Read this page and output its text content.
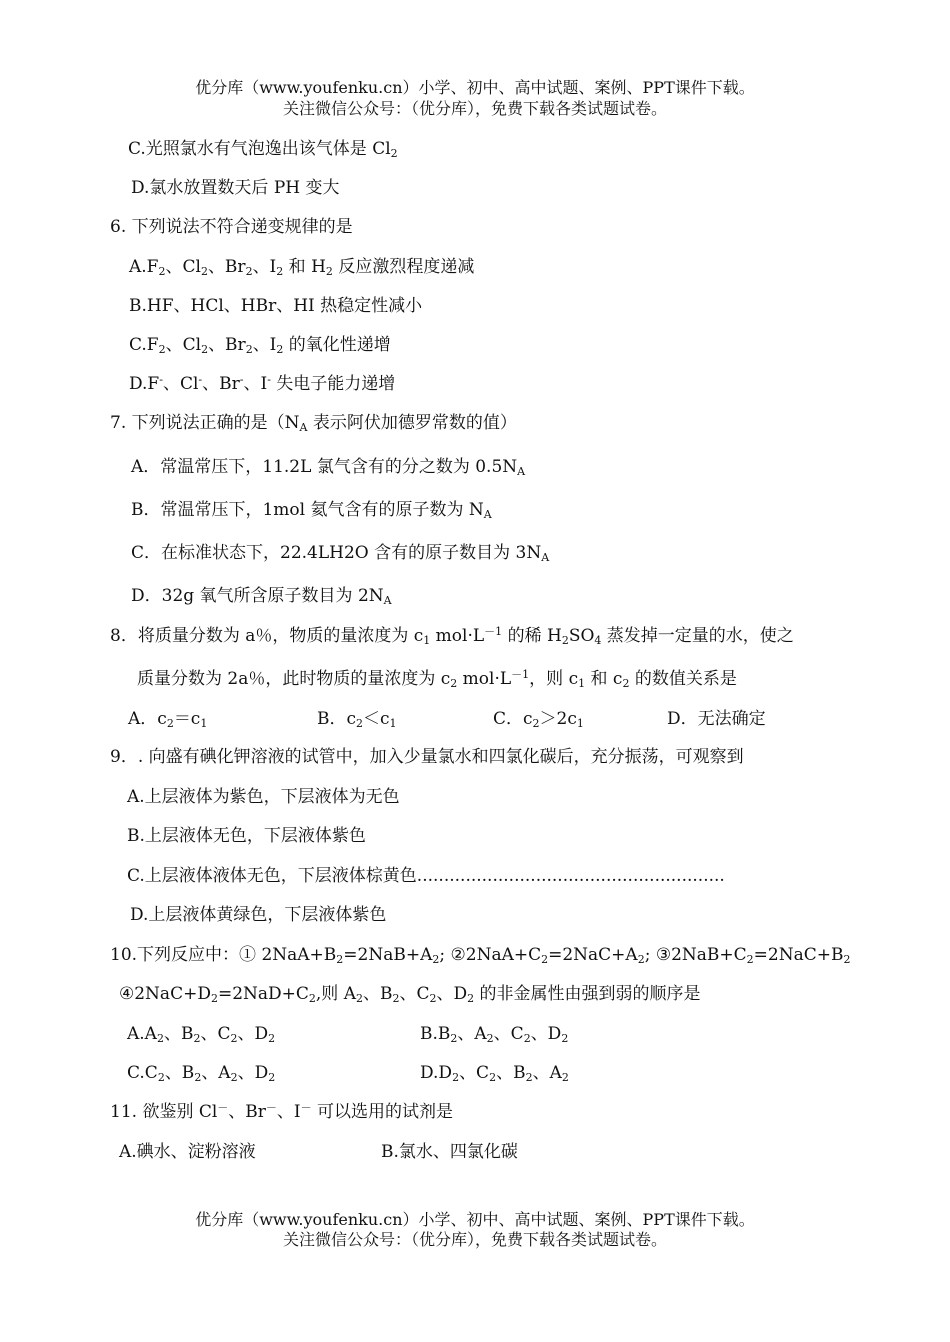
优分库（www.youfenku.cn）小学、初中、高中试题、案例、PPT课件下载。
关注微信公众号：（优分库），免费下载各类试题试卷。
C.光照氯水有气泡逸出该气体是 $Cl_2$
D.氯水放置数天后 PH 变大
6. 下列说法不符合递变规律的是
$A.F_2$、$Cl_2$、$Br_2$、$I_2$ 和 $H_2$ 反应激烈程度递减
B.HF、HCl、HBr、HI 热稳定性减小
$C.F_2$、$Cl_2$、$Br_2$、$I_2$ 的氧化性递增
D.F-、Cl-、Br-、I- 失电子能力递增
7. 下列说法正确的是（$N_A$ 表示阿伏加德罗常数的值）
A．常温常压下，11.2L 氯气含有的分之数为 $0.5N_A$
B．常温常压下，1mol 氦气含有的原子数为 $N_A$
C．在标准状态下，22.4LH2O 含有的原子数目为 $3N_A$
D．32g 氧气所含原子数目为 $2N_A$
8．将质量分数为 a％，物质的量浓度为 $c_1$ $mol\cdot L^{-1}$ 的稀 $H_2SO_4$ 蒸发掉一定量的水，使之
质量分数为 2a％，此时物质的量浓度为 $c_2$ $mol\cdot L^{-1}$，则 $c_1$ 和 $c_2$ 的数值关系是
A．$c_2=c_1$	B．$c_2<c_1$	C．$c_2>2c_1$	D．无法确定
9．. 向盛有碘化钾溶液的试管中，加入少量氯水和四氯化碳后，充分振荡，可观察到
A.上层液体为紫色，下层液体为无色
B.上层液体无色，下层液体紫色
C.上层液体液体无色，下层液体棕黄色.........................................................
D.上层液体黄绿色，下层液体紫色
10.下列反应中：① $2NaA+B_2=2NaB+A_2$; $②2NaA+C_2=2NaC+A_2$; $③2NaB+C_2=2NaC+B_2$
$④2NaC+D_2=2NaD+C_2$,则 $A_2$、$B_2$、$C_2$、$D_2$ 的非金属性由强到弱的顺序是
$A.A_2$、$B_2$、$C_2$、$D_2$	$B.B_2$、$A_2$、$C_2$、$D_2$
$C.C_2$、$B_2$、$A_2$、$D_2$	$D.D_2$、$C_2$、$B_2$、$A_2$
11. 欲鉴别 Cl－、Br－、I－ 可以选用的试剂是
A.碘水、淀粉溶液	B.氯水、四氯化碳
优分库（www.youfenku.cn）小学、初中、高中试题、案例、PPT课件下载。
关注微信公众号：（优分库），免费下载各类试题试卷。
